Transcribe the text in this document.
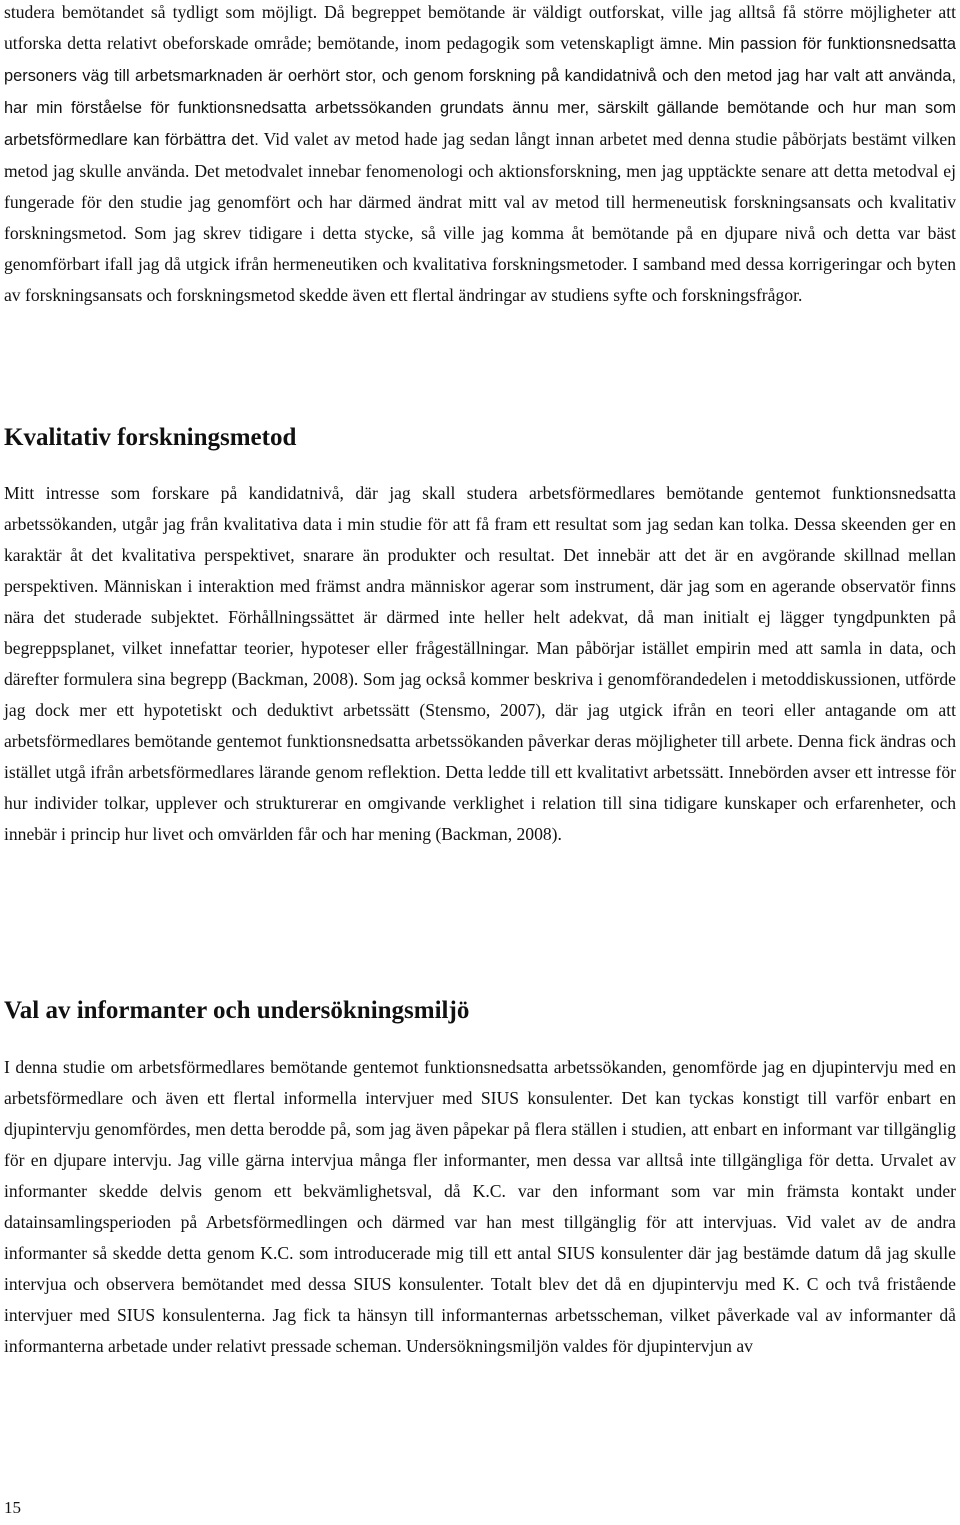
studera bemötandet så tydligt som möjligt. Då begreppet bemötande är väldigt outforskat, ville jag alltså få större möjligheter att utforska detta relativt obeforskade område; bemötande, inom pedagogik som vetenskapligt ämne. Min passion för funktionsnedsatta personers väg till arbetsmarknaden är oerhört stor, och genom forskning på kandidatnivå och den metod jag har valt att använda, har min förståelse för funktionsnedsatta arbetssökanden grundats ännu mer, särskilt gällande bemötande och hur man som arbetsförmedlare kan förbättra det. Vid valet av metod hade jag sedan långt innan arbetet med denna studie påbörjats bestämt vilken metod jag skulle använda. Det metodvalet innebar fenomenologi och aktionsforskning, men jag upptäckte senare att detta metodval ej fungerade för den studie jag genomfört och har därmed ändrat mitt val av metod till hermeneutisk forskningsansats och kvalitativ forskningsmetod. Som jag skrev tidigare i detta stycke, så ville jag komma åt bemötande på en djupare nivå och detta var bäst genomförbart ifall jag då utgick ifrån hermeneutiken och kvalitativa forskningsmetoder. I samband med dessa korrigeringar och byten av forskningsansats och forskningsmetod skedde även ett flertal ändringar av studiens syfte och forskningsfrågor.

Kvalitativ forskningsmetod

Mitt intresse som forskare på kandidatnivå, där jag skall studera arbetsförmedlares bemötande gentemot funktionsnedsatta arbetssökanden, utgår jag från kvalitativa data i min studie för att få fram ett resultat som jag sedan kan tolka. Dessa skeenden ger en karaktär åt det kvalitativa perspektivet, snarare än produkter och resultat. Det innebär att det är en avgörande skillnad mellan perspektiven. Människan i interaktion med främst andra människor agerar som instrument, där jag som en agerande observatör finns nära det studerade subjektet. Förhållningssättet är därmed inte heller helt adekvat, då man initialt ej lägger tyngdpunkten på begreppsplanet, vilket innefattar teorier, hypoteser eller frågeställningar. Man påbörjar istället empirin med att samla in data, och därefter formulera sina begrepp (Backman, 2008). Som jag också kommer beskriva i genomförandedelen i metoddiskussionen, utförde jag dock mer ett hypotetiskt och deduktivt arbetssätt (Stensmo, 2007), där jag utgick ifrån en teori eller antagande om att arbetsförmedlares bemötande gentemot funktionsnedsatta arbetssökanden påverkar deras möjligheter till arbete. Denna fick ändras och istället utgå ifrån arbetsförmedlares lärande genom reflektion. Detta ledde till ett kvalitativt arbetssätt. Innebörden avser ett intresse för hur individer tolkar, upplever och strukturerar en omgivande verklighet i relation till sina tidigare kunskaper och erfarenheter, och innebär i princip hur livet och omvärlden får och har mening (Backman, 2008).

Val av informanter och undersökningsmiljö

I denna studie om arbetsförmedlares bemötande gentemot funktionsnedsatta arbetssökanden, genomförde jag en djupintervju med en arbetsförmedlare och även ett flertal informella intervjuer med SIUS konsulenter. Det kan tyckas konstigt till varför enbart en djupintervju genomfördes, men detta berodde på, som jag även påpekar på flera ställen i studien, att enbart en informant var tillgänglig för en djupare intervju. Jag ville gärna intervjua många fler informanter, men dessa var alltså inte tillgängliga för detta. Urvalet av informanter skedde delvis genom ett bekvämlighetsval, då K.C. var den informant som var min främsta kontakt under datainsamlingsperioden på Arbetsförmedlingen och därmed var han mest tillgänglig för att intervjuas. Vid valet av de andra informanter så skedde detta genom K.C. som introducerade mig till ett antal SIUS konsulenter där jag bestämde datum då jag skulle intervjua och observera bemötandet med dessa SIUS konsulenter. Totalt blev det då en djupintervju med K. C och två fristående intervjuer med SIUS konsulenterna. Jag fick ta hänsyn till informanternas arbetsscheman, vilket påverkade val av informanter då informanterna arbetade under relativt pressade scheman. Undersökningsmiljön valdes för djupintervjun av

15
